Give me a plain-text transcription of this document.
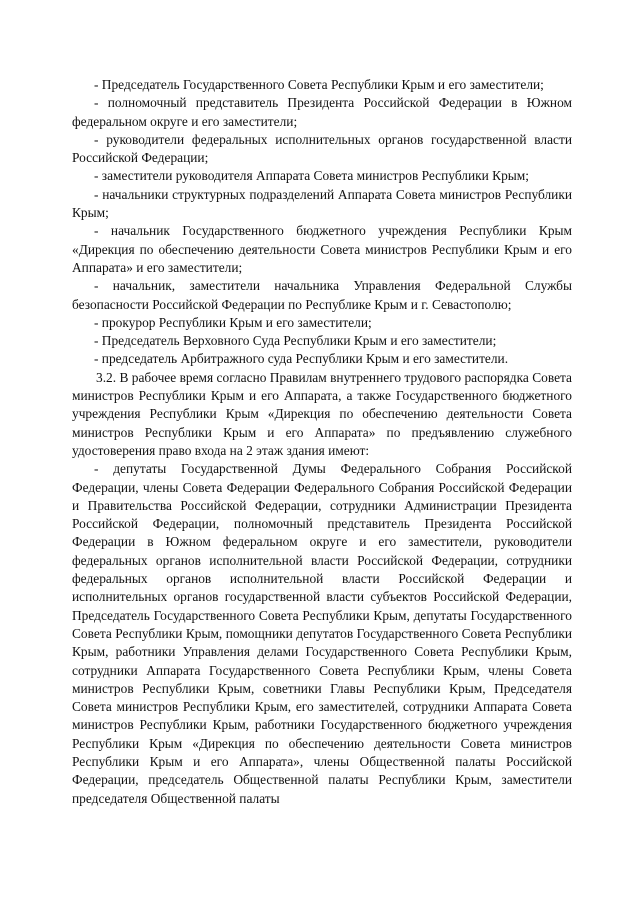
- Председатель Государственного Совета Республики Крым и его заместители;

- полномочный представитель Президента Российской Федерации в Южном федеральном округе и его заместители;

- руководители федеральных исполнительных органов государственной власти Российской Федерации;

- заместители руководителя Аппарата Совета министров Республики Крым;

- начальники структурных подразделений Аппарата Совета министров Республики Крым;

- начальник Государственного бюджетного учреждения Республики Крым «Дирекция по обеспечению деятельности Совета министров Республики Крым и его Аппарата» и его заместители;

- начальник, заместители начальника Управления Федеральной Службы безопасности Российской Федерации по Республике Крым и г. Севастополю;

- прокурор Республики Крым и его заместители;

- Председатель Верховного Суда Республики Крым и его заместители;

- председатель Арбитражного суда Республики Крым и его заместители.

3.2. В рабочее время согласно Правилам внутреннего трудового распорядка Совета министров Республики Крым и его Аппарата, а также Государственного бюджетного учреждения Республики Крым «Дирекция по обеспечению деятельности Совета министров Республики Крым и его Аппарата» по предъявлению служебного удостоверения право входа на 2 этаж здания имеют:

- депутаты Государственной Думы Федерального Собрания Российской Федерации, члены Совета Федерации Федерального Собрания Российской Федерации и Правительства Российской Федерации, сотрудники Администрации Президента Российской Федерации, полномочный представитель Президента Российской Федерации в Южном федеральном округе и его заместители, руководители федеральных органов исполнительной власти Российской Федерации, сотрудники федеральных органов исполнительной власти Российской Федерации и исполнительных органов государственной власти субъектов Российской Федерации, Председатель Государственного Совета Республики Крым, депутаты Государственного Совета Республики Крым, помощники депутатов Государственного Совета Республики Крым, работники Управления делами Государственного Совета Республики Крым, сотрудники Аппарата Государственного Совета Республики Крым, члены Совета министров Республики Крым, советники Главы Республики Крым, Председателя Совета министров Республики Крым, его заместителей, сотрудники Аппарата Совета министров Республики Крым, работники Государственного бюджетного учреждения Республики Крым «Дирекция по обеспечению деятельности Совета министров Республики Крым и его Аппарата», члены Общественной палаты Российской Федерации, председатель Общественной палаты Республики Крым, заместители председателя Общественной палаты
